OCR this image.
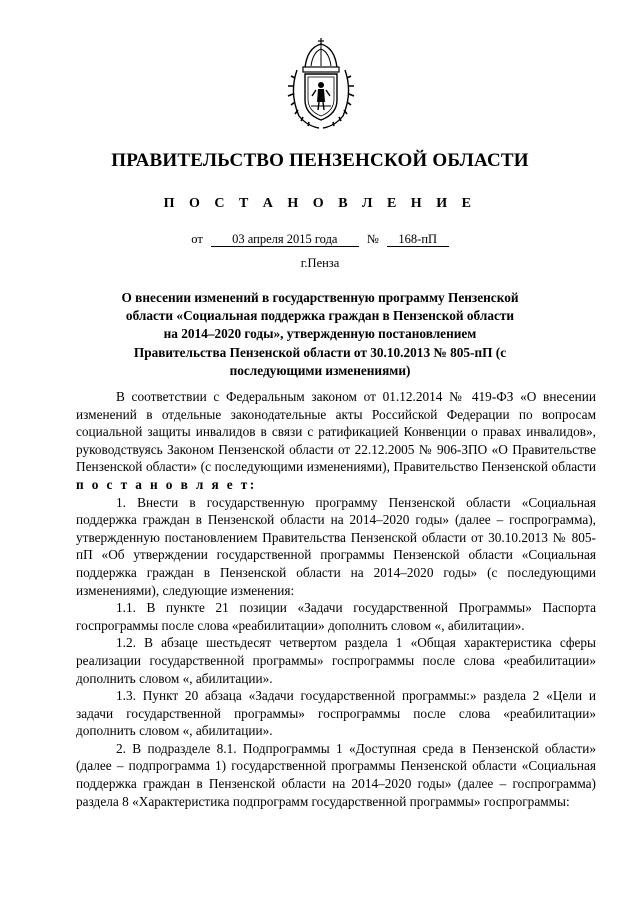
ПРАВИТЕЛЬСТВО ПЕНЗЕНСКОЙ ОБЛАСТИ
П О С Т А Н О В Л Е Н И Е
от 03 апреля 2015 года № 168-пП
г.Пенза
О внесении изменений в государственную программу Пензенской области «Социальная поддержка граждан в Пензенской области на 2014–2020 годы», утвержденную постановлением Правительства Пензенской области от 30.10.2013 № 805-пП (с последующими изменениями)

В соответствии с Федеральным законом от 01.12.2014 № 419-ФЗ «О внесении изменений в отдельные законодательные акты Российской Федерации по вопросам социальной защиты инвалидов в связи с ратификацией Конвенции о правах инвалидов», руководствуясь Законом Пензенской области от 22.12.2005 № 906-ЗПО «О Правительстве Пензенской области» (с последующими изменениями), Правительство Пензенской области п о с т а н о в л я е т:

1. Внести в государственную программу Пензенской области «Социальная поддержка граждан в Пензенской области на 2014–2020 годы» (далее – госпрограмма), утвержденную постановлением Правительства Пензенской области от 30.10.2013 № 805-пП «Об утверждении государственной программы Пензенской области «Социальная поддержка граждан в Пензенской области на 2014–2020 годы» (с последующими изменениями), следующие изменения:

1.1. В пункте 21 позиции «Задачи государственной Программы» Паспорта госпрограммы после слова «реабилитации» дополнить словом «, абилитации».

1.2. В абзаце шестьдесят четвертом раздела 1 «Общая характеристика сферы реализации государственной программы» госпрограммы после слова «реабилитации» дополнить словом «, абилитации».

1.3. Пункт 20 абзаца «Задачи государственной программы:» раздела 2 «Цели и задачи государственной программы» госпрограммы после слова «реабилитации» дополнить словом «, абилитации».

2. В подразделе 8.1. Подпрограммы 1 «Доступная среда в Пензенской области» (далее – подпрограмма 1) государственной программы Пензенской области «Социальная поддержка граждан в Пензенской области на 2014–2020 годы» (далее – госпрограмма) раздела 8 «Характеристика подпрограмм государственной программы» госпрограммы:
